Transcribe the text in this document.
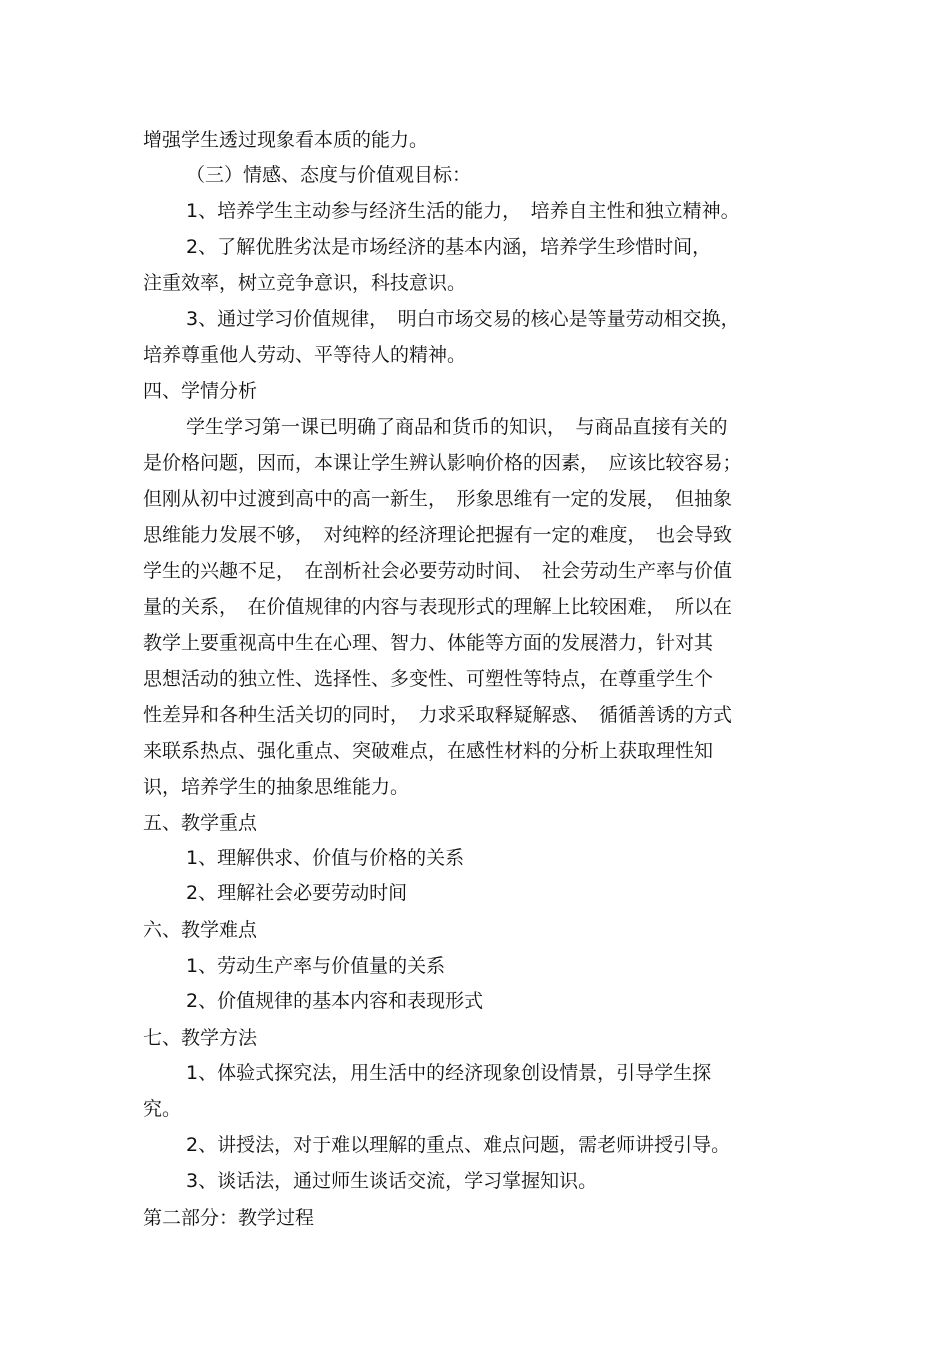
增强学生透过现象看本质的能力。

（三）情感、态度与价值观目标：

1、培养学生主动参与经济生活的能力，　培养自主性和独立精神。

2、了解优胜劣汰是市场经济的基本内涵，培养学生珍惜时间，

注重效率，树立竞争意识，科技意识。

3、通过学习价值规律，　明白市场交易的核心是等量劳动相交换，

培养尊重他人劳动、平等待人的精神。

四、学情分析

学生学习第一课已明确了商品和货币的知识，　与商品直接有关的

是价格问题，因而，本课让学生辨认影响价格的因素，　应该比较容易；

但刚从初中过渡到高中的高一新生，　形象思维有一定的发展，　但抽象

思维能力发展不够，　对纯粹的经济理论把握有一定的难度，　也会导致

学生的兴趣不足，　在剖析社会必要劳动时间、　社会劳动生产率与价值

量的关系，　在价值规律的内容与表现形式的理解上比较困难，　所以在

教学上要重视高中生在心理、智力、体能等方面的发展潜力，针对其

思想活动的独立性、选择性、多变性、可塑性等特点，在尊重学生个

性差异和各种生活关切的同时，　力求采取释疑解惑、　循循善诱的方式

来联系热点、强化重点、突破难点，在感性材料的分析上获取理性知

识，培养学生的抽象思维能力。

五、教学重点

1、理解供求、价值与价格的关系

2、理解社会必要劳动时间

六、教学难点

1、劳动生产率与价值量的关系

2、价值规律的基本内容和表现形式

七、教学方法

1、体验式探究法，用生活中的经济现象创设情景，引导学生探

究。

2、讲授法，对于难以理解的重点、难点问题，需老师讲授引导。

3、谈话法，通过师生谈话交流，学习掌握知识。

第二部分：教学过程
